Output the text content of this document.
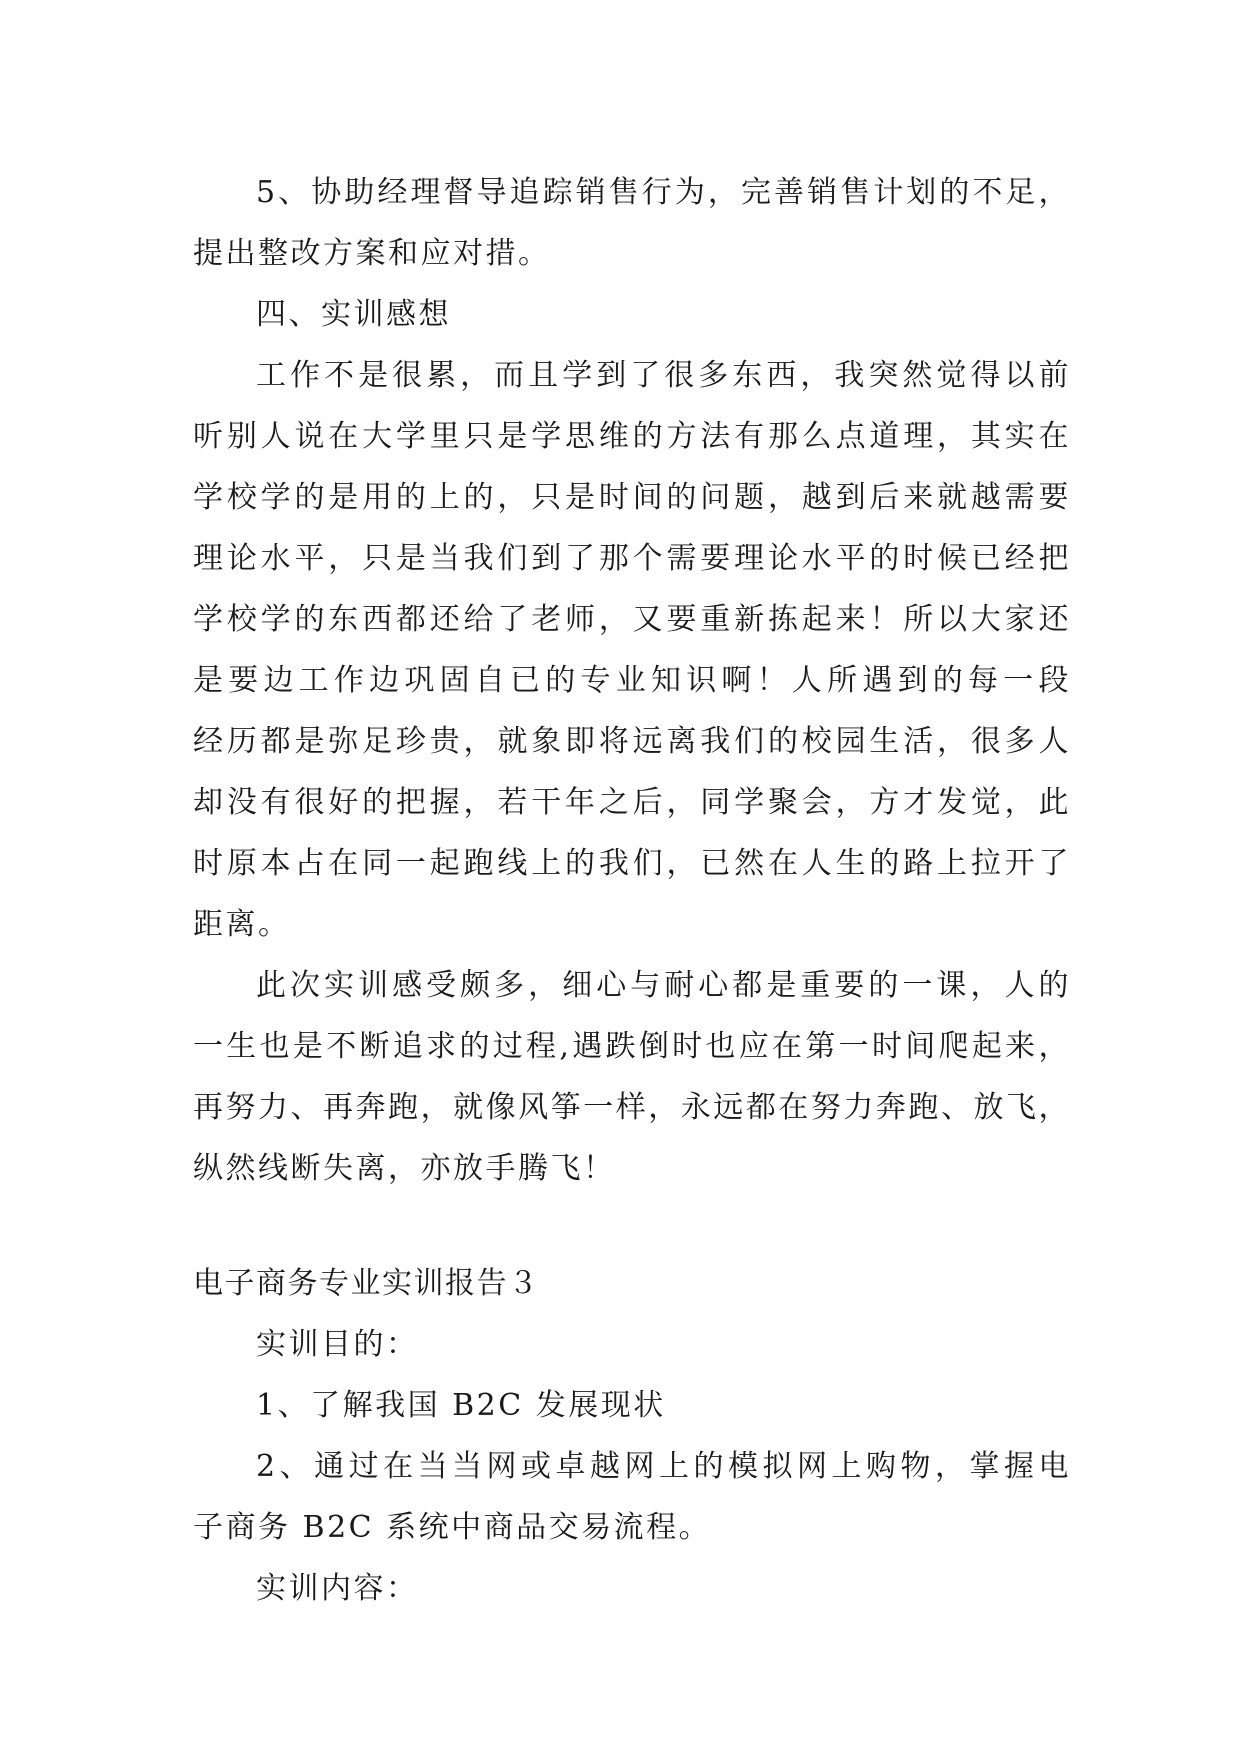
5、协助经理督导追踪销售行为，完善销售计划的不足，
提出整改方案和应对措。
四、实训感想
工作不是很累，而且学到了很多东西，我突然觉得以前
听别人说在大学里只是学思维的方法有那么点道理，其实在
学校学的是用的上的，只是时间的问题，越到后来就越需要
理论水平，只是当我们到了那个需要理论水平的时候已经把
学校学的东西都还给了老师，又要重新拣起来！所以大家还
是要边工作边巩固自已的专业知识啊！人所遇到的每一段
经历都是弥足珍贵，就象即将远离我们的校园生活，很多人
却没有很好的把握，若干年之后，同学聚会，方才发觉，此
时原本占在同一起跑线上的我们，已然在人生的路上拉开了
距离。
此次实训感受颇多，细心与耐心都是重要的一课，人的
一生也是不断追求的过程,遇跌倒时也应在第一时间爬起来，
再努力、再奔跑，就像风筝一样，永远都在努力奔跑、放飞，
纵然线断失离，亦放手腾飞！
电子商务专业实训报告３
实训目的：
1、了解我国 B2C 发展现状
2、通过在当当网或卓越网上的模拟网上购物，掌握电
子商务 B2C 系统中商品交易流程。
实训内容：
